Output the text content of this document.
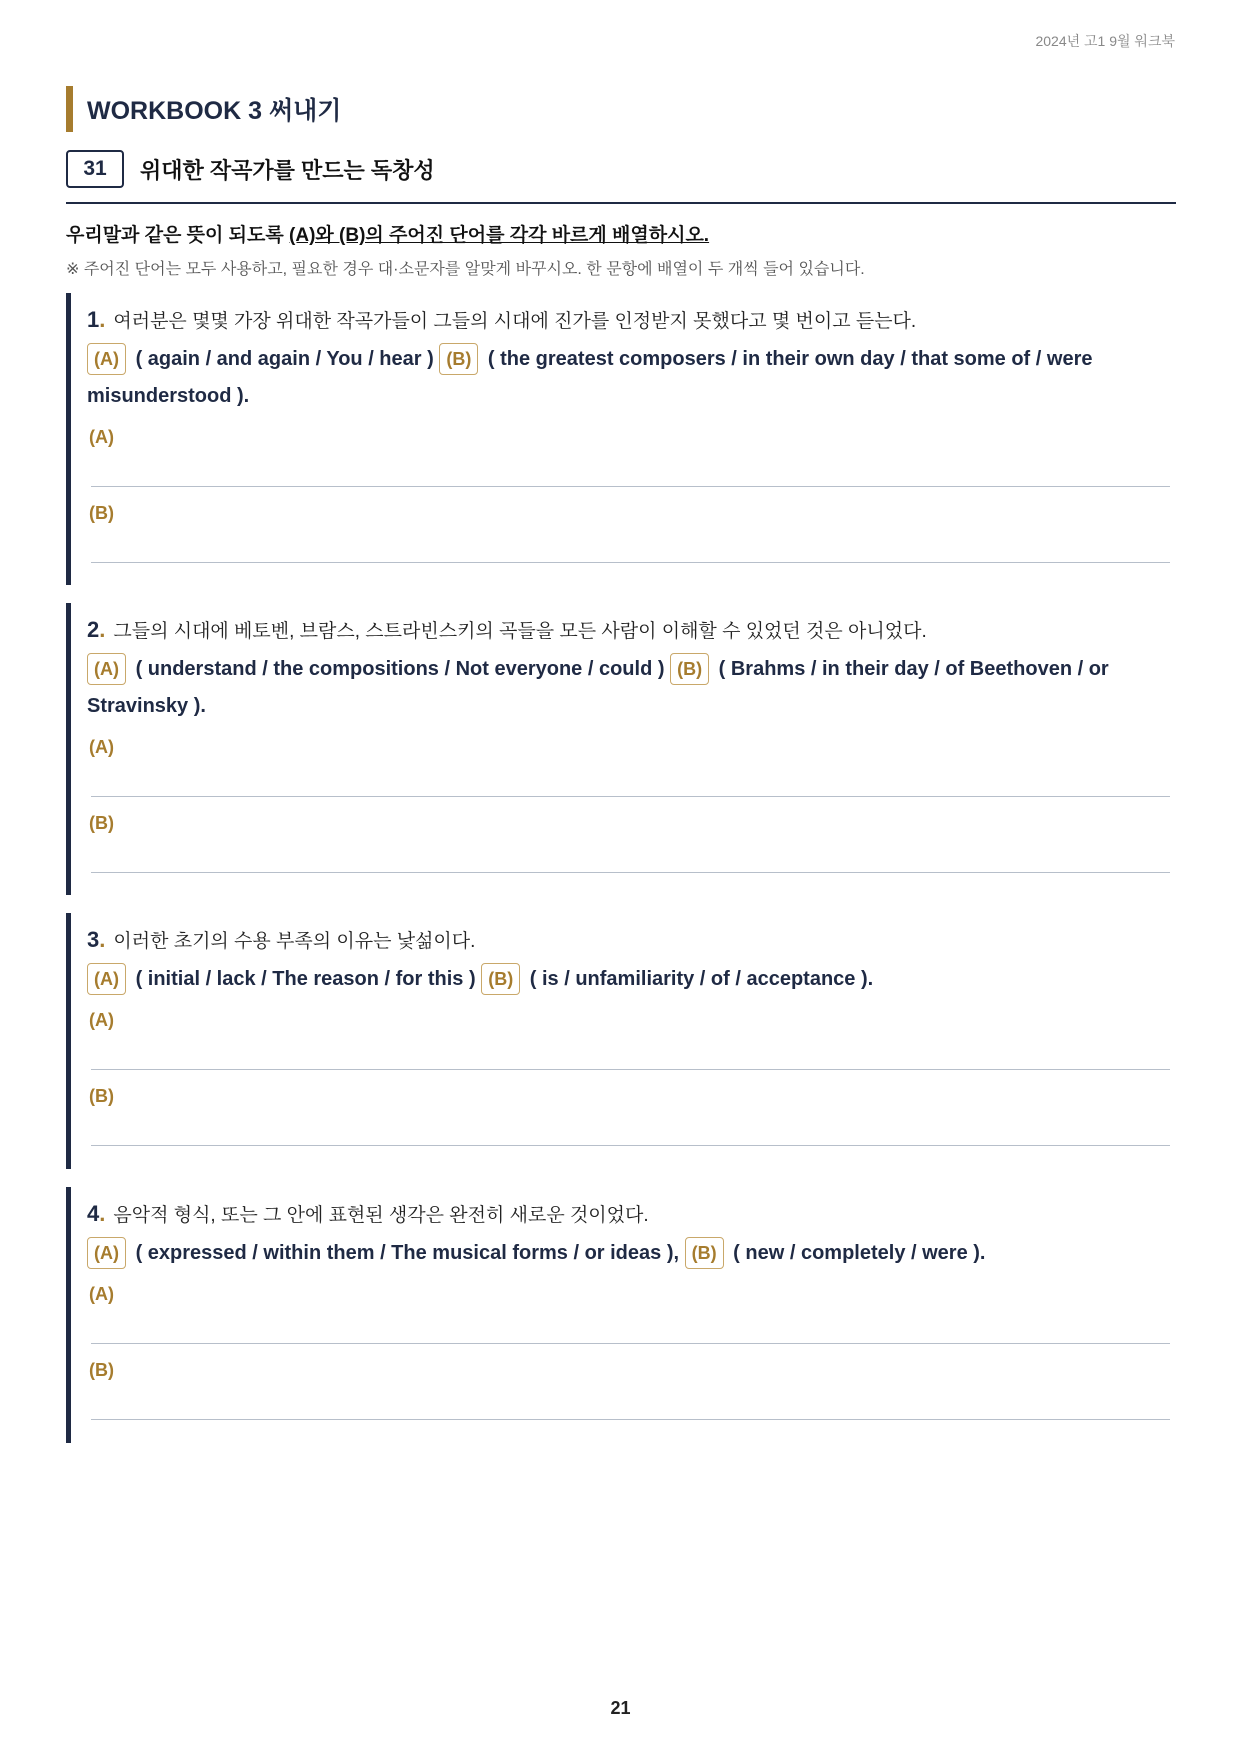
2024년 고1 9월 워크북
WORKBOOK 3 써내기
31	위대한 작곡가를 만드는 독창성
우리말과 같은 뜻이 되도록 (A)와 (B)의 주어진 단어를 각각 바르게 배열하시오.
※ 주어진 단어는 모두 사용하고, 필요한 경우 대·소문자를 알맞게 바꾸시오. 한 문항에 배열이 두 개씩 들어 있습니다.
1. 여러분은 몇몇 가장 위대한 작곡가들이 그들의 시대에 진가를 인정받지 못했다고 몇 번이고 듣는다.
(A) ( again / and again / You / hear ) (B) ( the greatest composers / in their own day / that some of / were misunderstood ).
(A)
(B)
2. 그들의 시대에 베토벤, 브람스, 스트라빈스키의 곡들을 모든 사람이 이해할 수 있었던 것은 아니었다.
(A) ( understand / the compositions / Not everyone / could ) (B) ( Brahms / in their day / of Beethoven / or Stravinsky ).
(A)
(B)
3. 이러한 초기의 수용 부족의 이유는 낯섦이다.
(A) ( initial / lack / The reason / for this ) (B) ( is / unfamiliarity / of / acceptance ).
(A)
(B)
4. 음악적 형식, 또는 그 안에 표현된 생각은 완전히 새로운 것이었다.
(A) ( expressed / within them / The musical forms / or ideas ), (B) ( new / completely / were ).
(A)
(B)
21
